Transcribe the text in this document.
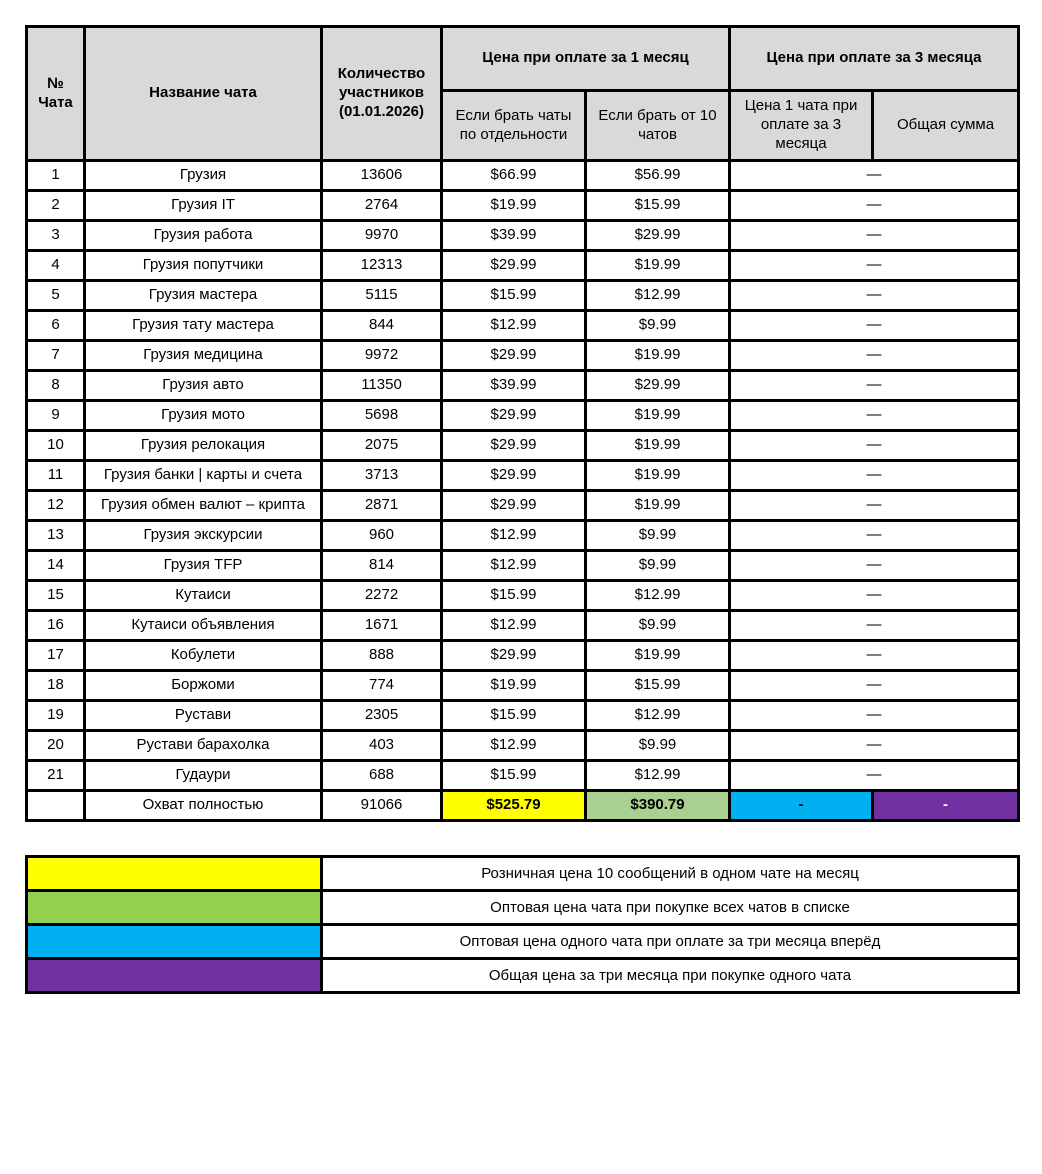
№ Чата	Название чата	Количество участников (01.01.2026)	Цена при оплате за 1 месяц		Цена при оплате за 3 месяца	
			Если брать чаты по отдельности	Если брать от 10 чатов	Цена 1 чата при оплате за 3 месяца	Общая сумма
1	Грузия	13606	$66.99	$56.99	—	
2	Грузия IT	2764	$19.99	$15.99	—	
3	Грузия работа	9970	$39.99	$29.99	—	
4	Грузия попутчики	12313	$29.99	$19.99	—	
5	Грузия мастера	5115	$15.99	$12.99	—	
6	Грузия тату мастера	844	$12.99	$9.99	—	
7	Грузия медицина	9972	$29.99	$19.99	—	
8	Грузия авто	11350	$39.99	$29.99	—	
9	Грузия мото	5698	$29.99	$19.99	—	
10	Грузия релокация	2075	$29.99	$19.99	—	
11	Грузия банки | карты и счета	3713	$29.99	$19.99	—	
12	Грузия обмен валют – крипта	2871	$29.99	$19.99	—	
13	Грузия экскурсии	960	$12.99	$9.99	—	
14	Грузия TFP	814	$12.99	$9.99	—	
15	Кутаиси	2272	$15.99	$12.99	—	
16	Кутаиси объявления	1671	$12.99	$9.99	—	
17	Кобулети	888	$29.99	$19.99	—	
18	Боржоми	774	$19.99	$15.99	—	
19	Рустави	2305	$15.99	$12.99	—	
20	Рустави барахолка	403	$12.99	$9.99	—	
21	Гудаури	688	$15.99	$12.99	—	
	Охват полностью	91066	$525.79	$390.79	-	-
	Розничная цена 10 сообщений в одном чате на месяц
	Оптовая цена чата при покупке всех чатов в списке
	Оптовая цена одного чата при оплате за три месяца вперёд
	Общая цена за три месяца при покупке одного чата
